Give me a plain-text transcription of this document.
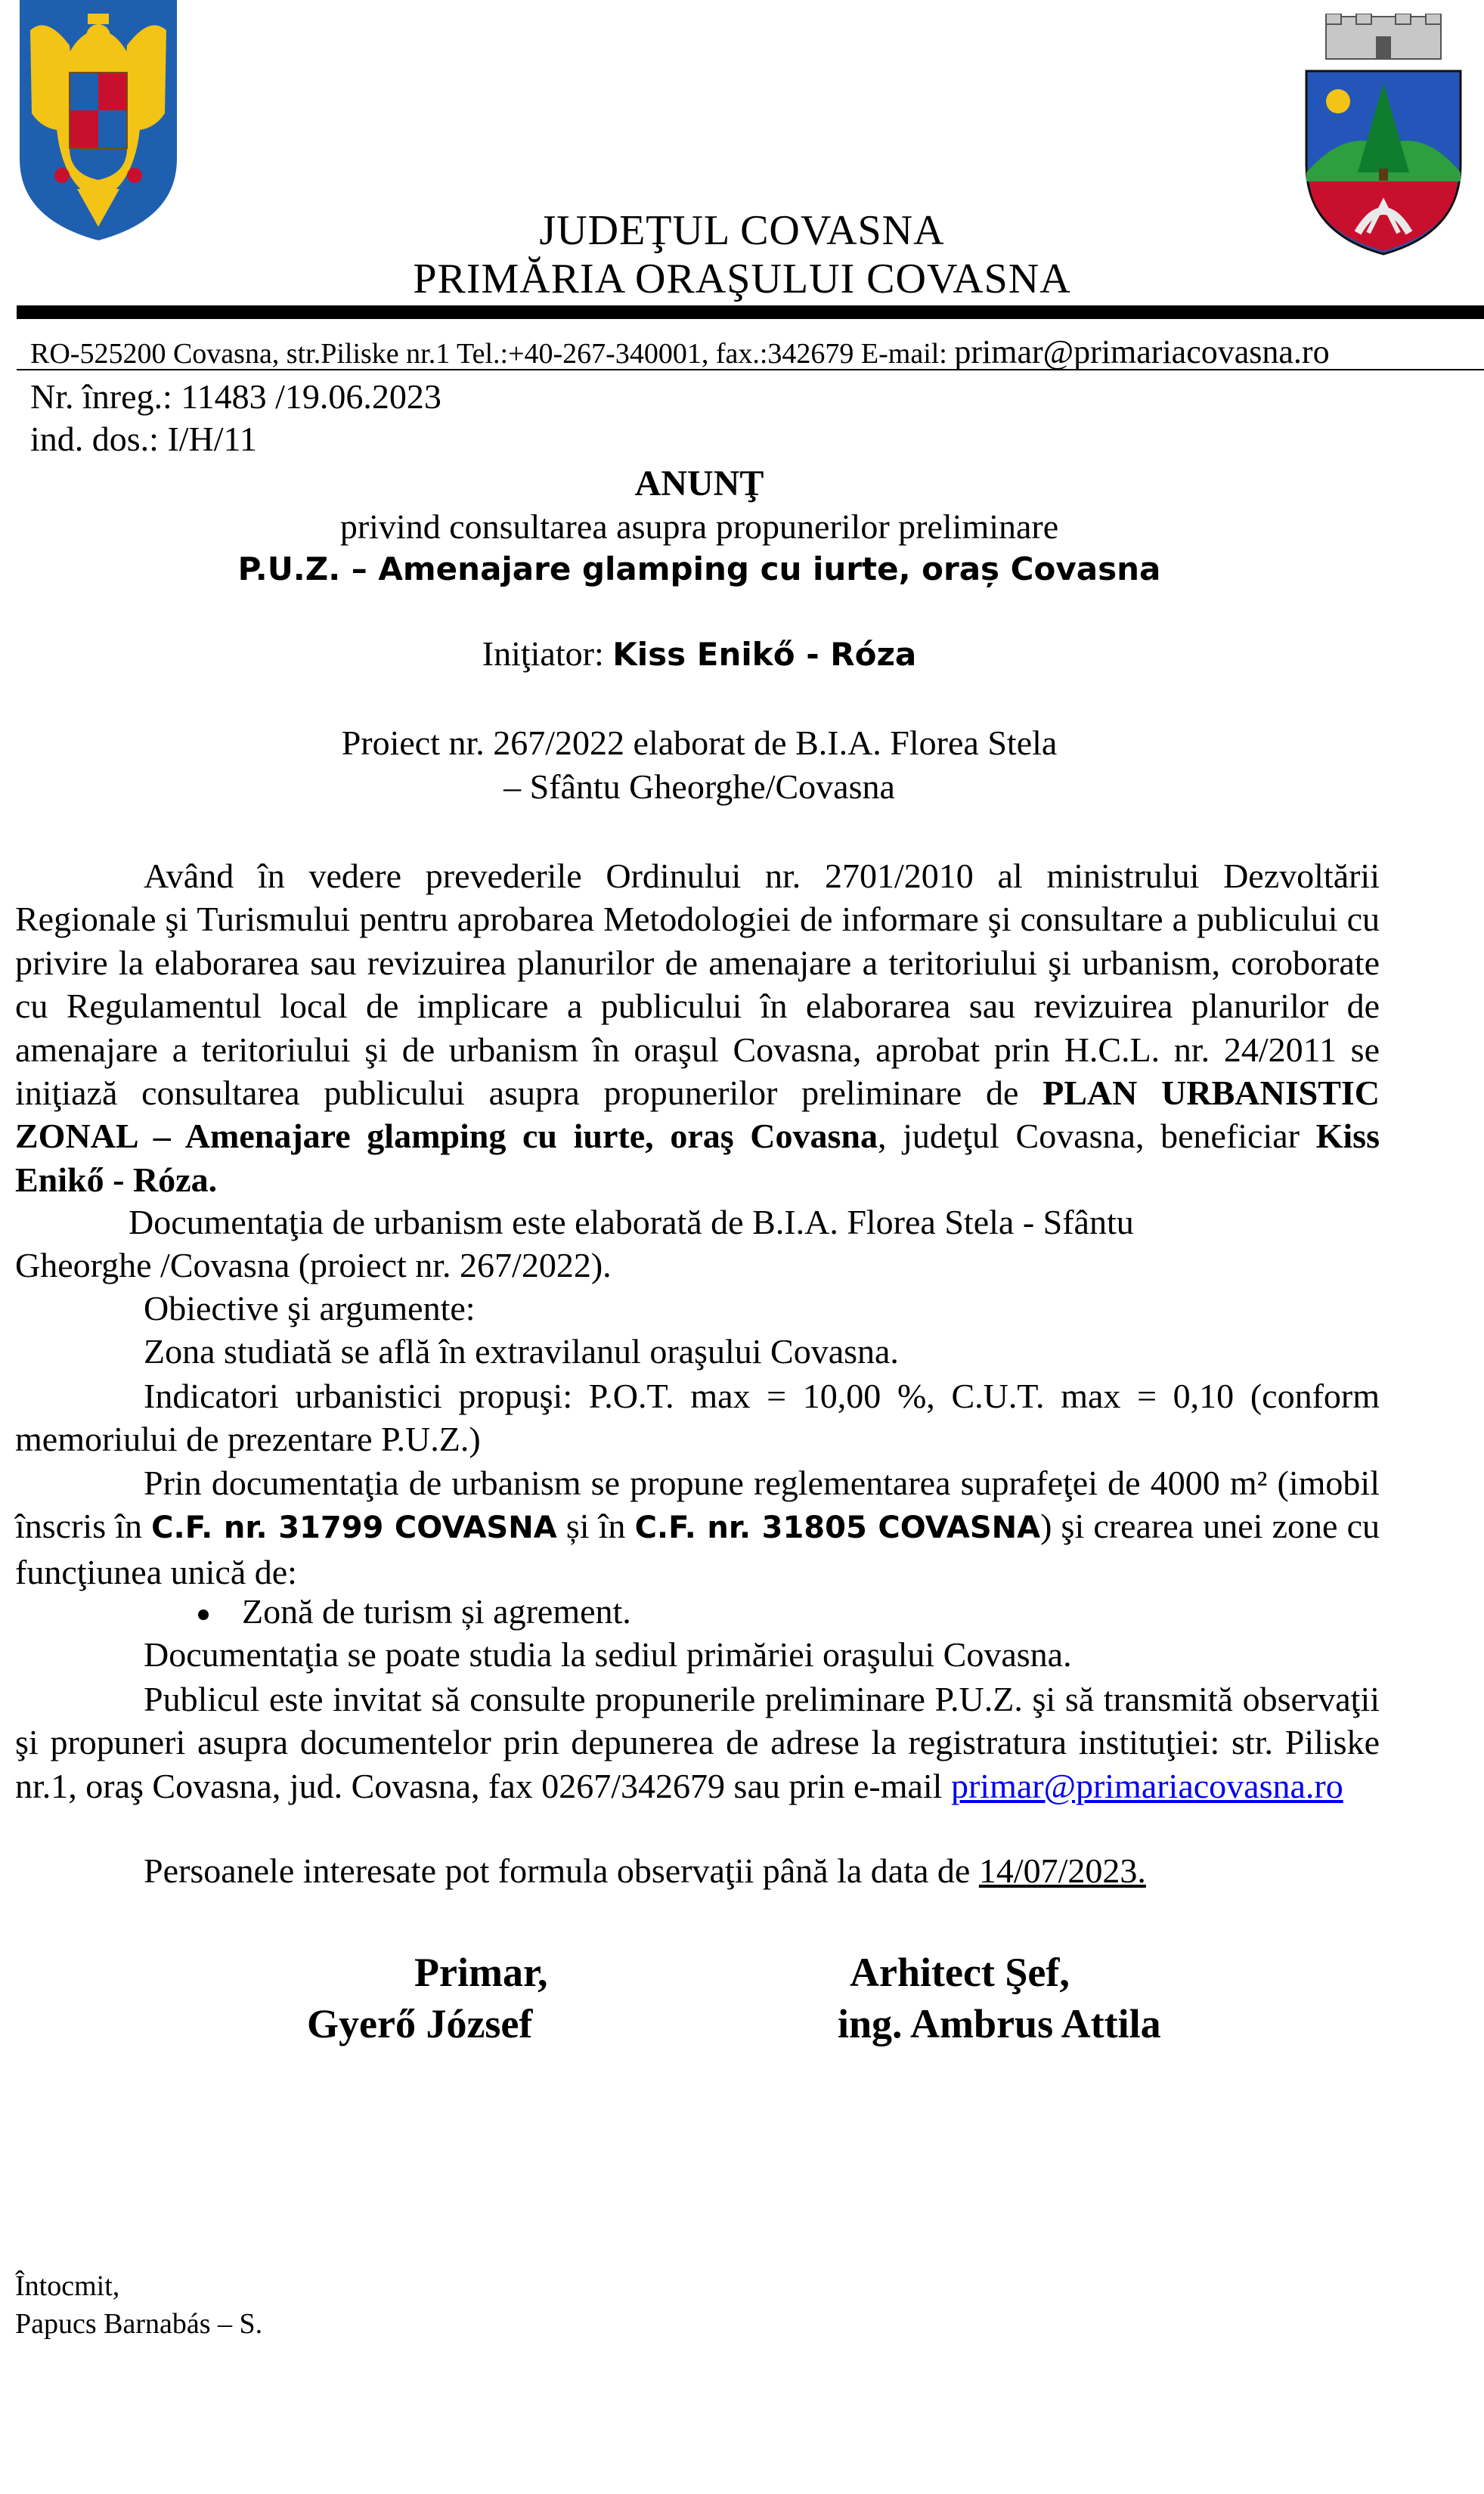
JUDEŢUL COVASNA
PRIMĂRIA ORAŞULUI COVASNA
RO-525200 Covasna, str.Piliske nr.1 Tel.:+40-267-340001, fax.:342679 E-mail: primar@primariacovasna.ro
Nr. înreg.: 11483 /19.06.2023
ind. dos.: I/H/11
ANUNŢ
privind consultarea asupra propunerilor preliminare
P.U.Z. – Amenajare glamping cu iurte, oraș Covasna
Iniţiator: Kiss Enikő - Róza
Proiect nr. 267/2022 elaborat de B.I.A. Florea Stela
– Sfântu Gheorghe/Covasna
Având în vedere prevederile Ordinului nr. 2701/2010 al ministrului Dezvoltării Regionale şi Turismului pentru aprobarea Metodologiei de informare şi consultare a publicului cu privire la elaborarea sau revizuirea planurilor de amenajare a teritoriului şi urbanism, coroborate cu Regulamentul local de implicare a publicului în elaborarea sau revizuirea planurilor de amenajare a teritoriului şi de urbanism în oraşul Covasna, aprobat prin H.C.L. nr. 24/2011 se iniţiază consultarea publicului asupra propunerilor preliminare de PLAN URBANISTIC ZONAL – Amenajare glamping cu iurte, oraş Covasna, judeţul Covasna, beneficiar Kiss Enikő - Róza.
Documentaţia de urbanism este elaborată de B.I.A. Florea Stela - Sfântu
Gheorghe /Covasna (proiect nr. 267/2022).
Obiective şi argumente:
Zona studiată se află în extravilanul oraşului Covasna.
Indicatori urbanistici propuşi: P.O.T. max = 10,00 %, C.U.T. max = 0,10 (conform memoriului de prezentare P.U.Z.)
Prin documentaţia de urbanism se propune reglementarea suprafeţei de 4000 m² (imobil înscris în C.F. nr. 31799 COVASNA și în C.F. nr. 31805 COVASNA) şi crearea unei zone cu funcţiunea unică de:
Zonă de turism și agrement.
Documentaţia se poate studia la sediul primăriei oraşului Covasna.
Publicul este invitat să consulte propunerile preliminare P.U.Z. şi să transmită observaţii şi propuneri asupra documentelor prin depunerea de adrese la registratura instituţiei: str. Piliske nr.1, oraş Covasna, jud. Covasna, fax 0267/342679 sau prin e-mail primar@primariacovasna.ro
Persoanele interesate pot formula observaţii până la data de 14/07/2023.
Primar,
Gyerő József
Arhitect Şef,
ing. Ambrus Attila
Întocmit,
Papucs Barnabás – S.
